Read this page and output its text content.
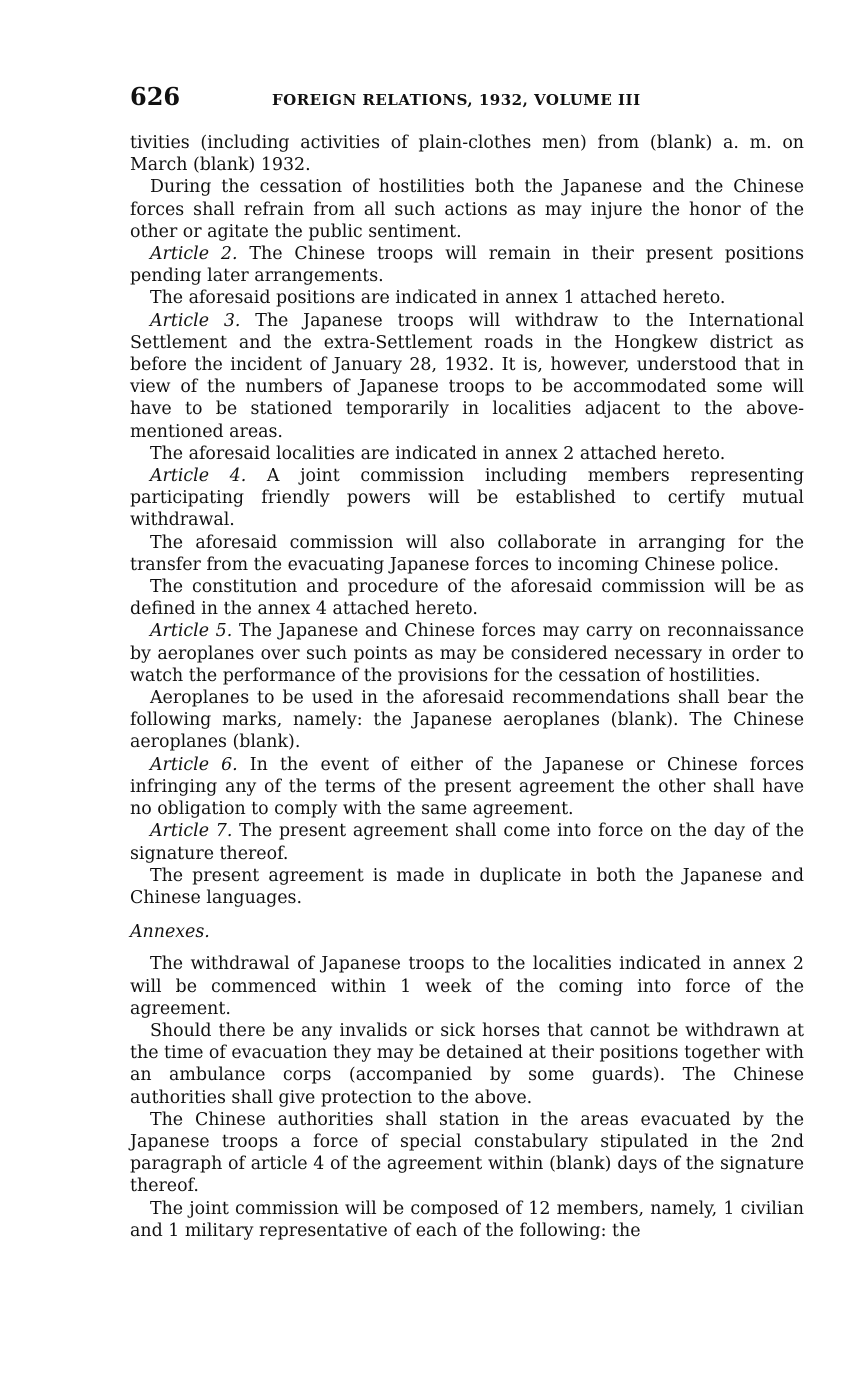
626	FOREIGN RELATIONS, 1932, VOLUME III

tivities (including activities of plain-clothes men) from (blank) a. m. on March (blank) 1932.

During the cessation of hostilities both the Japanese and the Chinese forces shall refrain from all such actions as may injure the honor of the other or agitate the public sentiment.

Article 2. The Chinese troops will remain in their present positions pending later arrangements.

The aforesaid positions are indicated in annex 1 attached hereto.

Article 3. The Japanese troops will withdraw to the International Settlement and the extra-Settlement roads in the Hongkew district as before the incident of January 28, 1932. It is, however, understood that in view of the numbers of Japanese troops to be accommodated some will have to be stationed temporarily in localities adjacent to the above-mentioned areas.

The aforesaid localities are indicated in annex 2 attached hereto.

Article 4. A joint commission including members representing participating friendly powers will be established to certify mutual withdrawal.

The aforesaid commission will also collaborate in arranging for the transfer from the evacuating Japanese forces to incoming Chinese police.

The constitution and procedure of the aforesaid commission will be as defined in the annex 4 attached hereto.

Article 5. The Japanese and Chinese forces may carry on reconnaissance by aeroplanes over such points as may be considered necessary in order to watch the performance of the provisions for the cessation of hostilities.

Aeroplanes to be used in the aforesaid recommendations shall bear the following marks, namely: the Japanese aeroplanes (blank). The Chinese aeroplanes (blank).

Article 6. In the event of either of the Japanese or Chinese forces infringing any of the terms of the present agreement the other shall have no obligation to comply with the same agreement.

Article 7. The present agreement shall come into force on the day of the signature thereof.

The present agreement is made in duplicate in both the Japanese and Chinese languages.

Annexes.

The withdrawal of Japanese troops to the localities indicated in annex 2 will be commenced within 1 week of the coming into force of the agreement.

Should there be any invalids or sick horses that cannot be withdrawn at the time of evacuation they may be detained at their positions together with an ambulance corps (accompanied by some guards). The Chinese authorities shall give protection to the above.

The Chinese authorities shall station in the areas evacuated by the Japanese troops a force of special constabulary stipulated in the 2nd paragraph of article 4 of the agreement within (blank) days of the signature thereof.

The joint commission will be composed of 12 members, namely, 1 civilian and 1 military representative of each of the following: the
